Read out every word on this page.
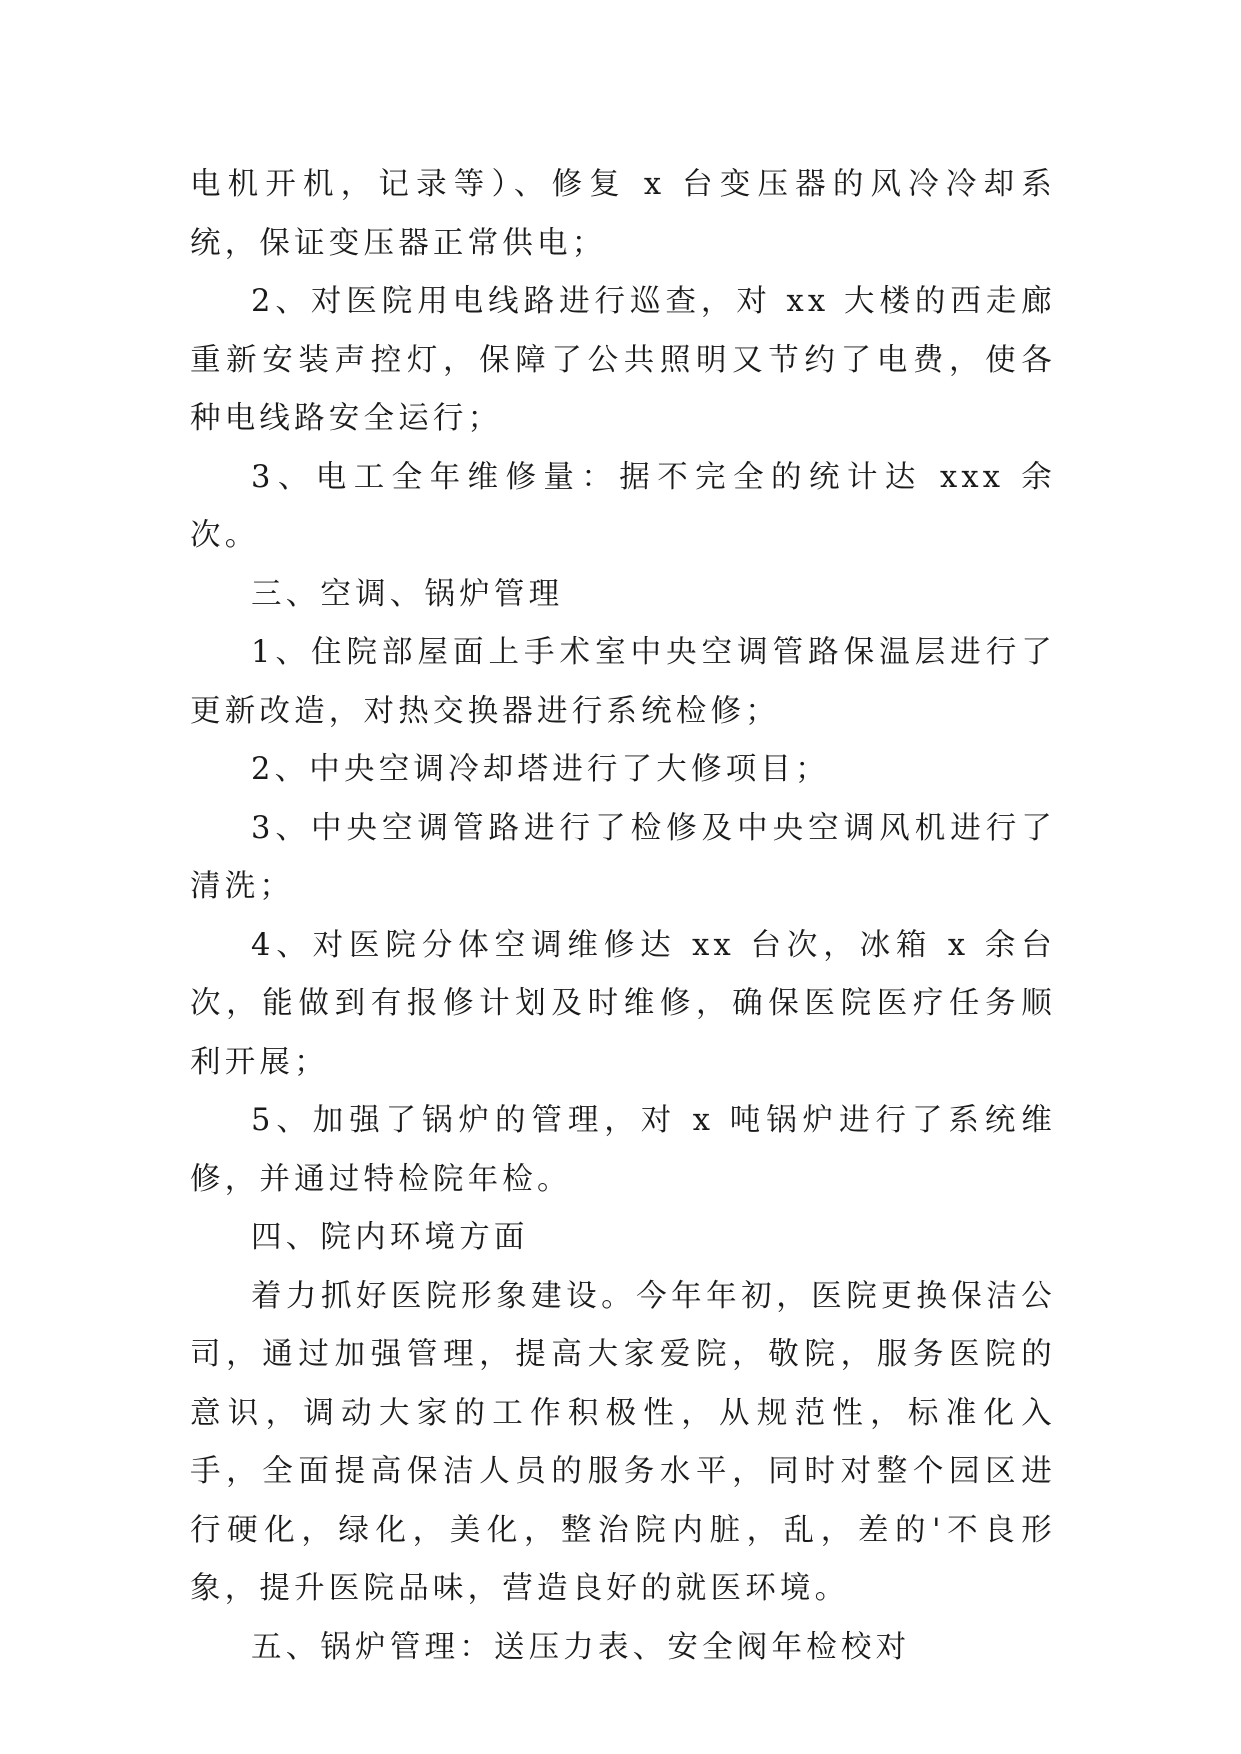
电机开机，记录等）、修复 x 台变压器的风冷冷却系统，保证变压器正常供电；

2、对医院用电线路进行巡查，对 xx 大楼的西走廊重新安装声控灯，保障了公共照明又节约了电费，使各种电线路安全运行；

3、电工全年维修量：据不完全的统计达 xxx 余次。

三、空调、锅炉管理

1、住院部屋面上手术室中央空调管路保温层进行了更新改造，对热交换器进行系统检修；

2、中央空调冷却塔进行了大修项目；

3、中央空调管路进行了检修及中央空调风机进行了清洗；

4、对医院分体空调维修达 xx 台次，冰箱 x 余台次，能做到有报修计划及时维修，确保医院医疗任务顺利开展；

5、加强了锅炉的管理，对 x 吨锅炉进行了系统维修，并通过特检院年检。

四、院内环境方面

着力抓好医院形象建设。今年年初，医院更换保洁公司，通过加强管理，提高大家爱院，敬院，服务医院的意识，调动大家的工作积极性，从规范性，标准化入手，全面提高保洁人员的服务水平，同时对整个园区进行硬化，绿化，美化，整治院内脏，乱，差的'不良形象，提升医院品味，营造良好的就医环境。

五、锅炉管理：送压力表、安全阀年检校对
